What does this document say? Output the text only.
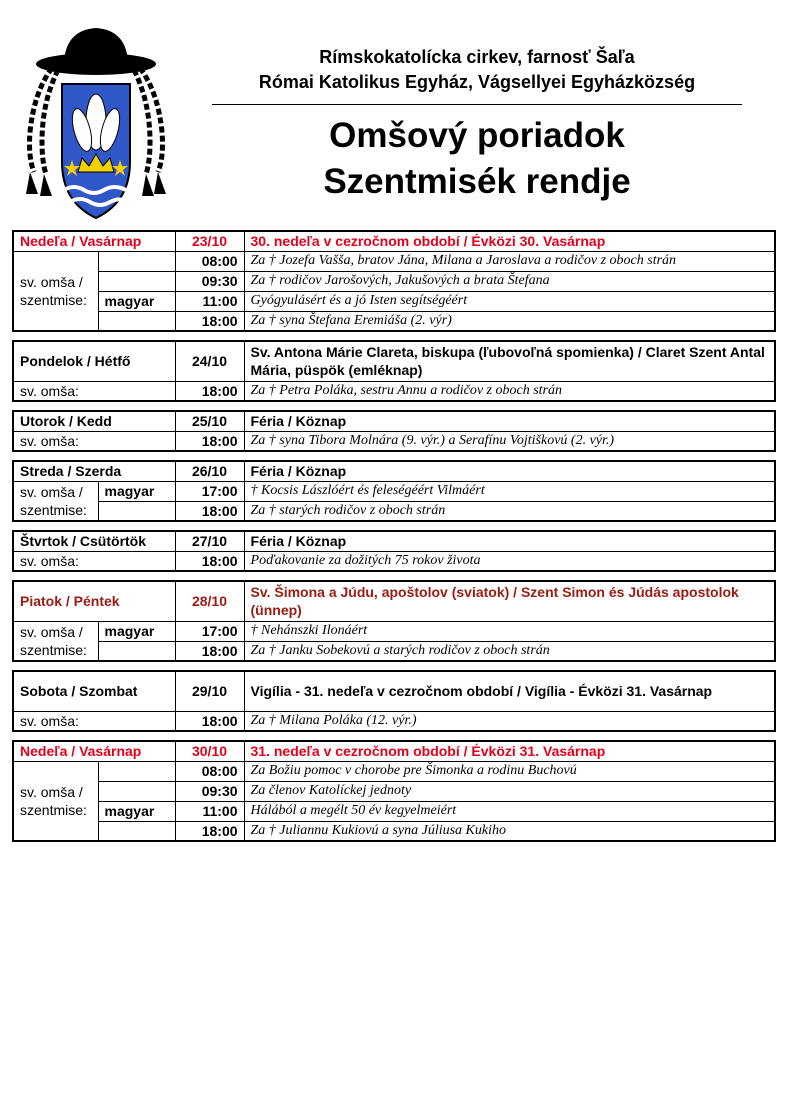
Rímskokatolícka cirkev, farnosť Šaľa
Római Katolikus Egyház, Vágsellyei Egyházközség
Omšový poriadok
Szentmisék rendje
Nedeľa / Vasárnap		23/10	30. nedeľa v cezročnom období / Évközi 30. Vasárnap
sv. omša / szentmise:		08:00	Za † Jozefa Vašša, bratov Jána, Milana a Jaroslava a rodičov z oboch strán
		09:30	Za † rodičov Jarošových, Jakušových a brata Štefana
	magyar	11:00	Gyógyulásért és a jó Isten segítségéért
		18:00	Za † syna Štefana Eremiáša (2. výr)
Pondelok / Hétfő	24/10	Sv. Antona Márie Clareta, biskupa (ľubovoľná spomienka) / Claret Szent Antal Mária, püspök (emléknap)
sv. omša:	18:00	Za † Petra Poláka, sestru Annu a rodičov z oboch strán
Utorok / Kedd	25/10	Féria / Köznap
sv. omša:	18:00	Za † syna Tibora Molnára (9. výr.) a Serafínu Vojtiškovú (2. výr.)
Streda / Szerda		26/10	Féria / Köznap
sv. omša / szentmise:	magyar	17:00	† Kocsis Lászlóért és feleségéért Vilmáért
		18:00	Za † starých rodičov z oboch strán
Štvrtok / Csütörtök	27/10	Féria / Köznap
sv. omša:	18:00	Poďakovanie za dožitých 75 rokov života
Piatok / Péntek		28/10	Sv. Šimona a Júdu, apoštolov (sviatok) / Szent Simon és Júdás apostolok (ünnep)
sv. omša / szentmise:	magyar	17:00	† Nehánszki Ilonáért
		18:00	Za † Janku Sobekovú a starých rodičov z oboch strán
Sobota / Szombat	29/10	Vigília - 31. nedeľa v cezročnom období / Vigília - Évközi 31. Vasárnap
sv. omša:	18:00	Za † Milana Poláka (12. výr.)
Nedeľa / Vasárnap		30/10	31. nedeľa v cezročnom období / Évközi 31. Vasárnap
sv. omša / szentmise:		08:00	Za Božiu pomoc v chorobe pre Šimonka a rodinu Buchovú
		09:30	Za členov Katolíckej jednoty
	magyar	11:00	Hálából a megélt 50 év kegyelmeiért
		18:00	Za † Juliannu Kukiovú a syna Júliusa Kukiho
